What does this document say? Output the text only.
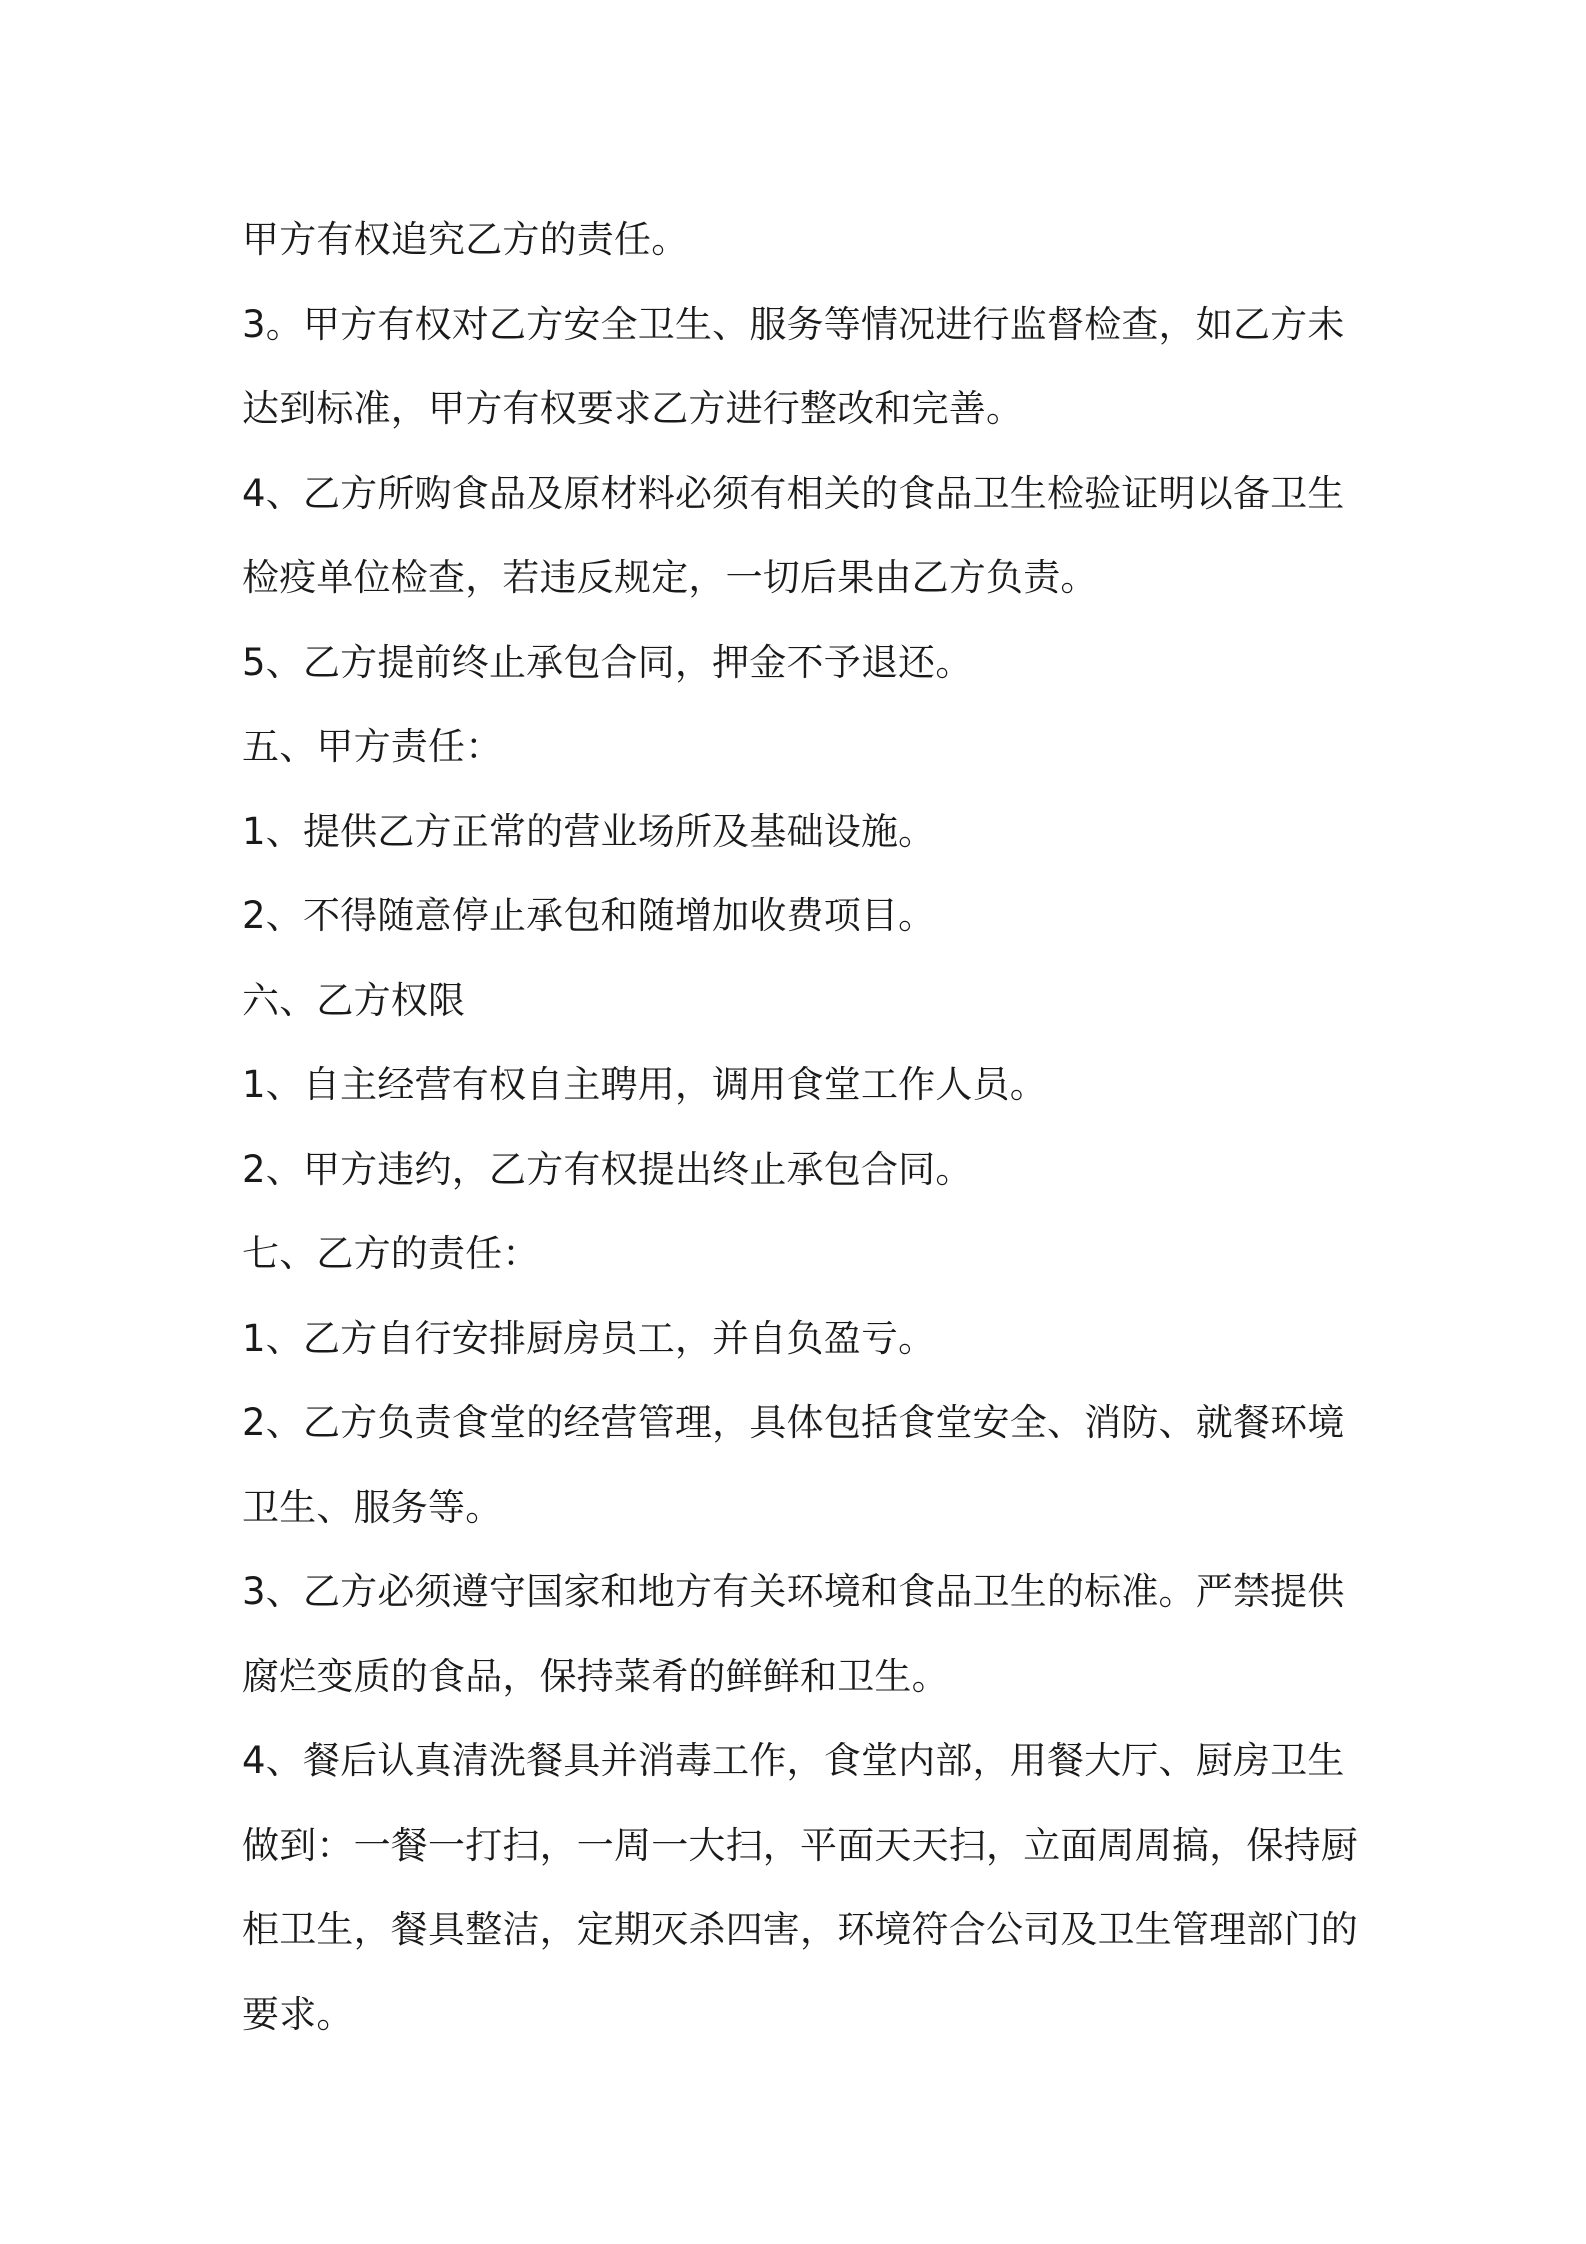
甲方有权追究乙方的责任。

3。甲方有权对乙方安全卫生、服务等情况进行监督检查，如乙方未达到标准，甲方有权要求乙方进行整改和完善。

4、乙方所购食品及原材料必须有相关的食品卫生检验证明以备卫生检疫单位检查，若违反规定，一切后果由乙方负责。

5、乙方提前终止承包合同，押金不予退还。

五、甲方责任：

1、提供乙方正常的营业场所及基础设施。

2、不得随意停止承包和随增加收费项目。

六、乙方权限

1、自主经营有权自主聘用，调用食堂工作人员。

2、甲方违约，乙方有权提出终止承包合同。

七、乙方的责任：

1、乙方自行安排厨房员工，并自负盈亏。

2、乙方负责食堂的经营管理，具体包括食堂安全、消防、就餐环境卫生、服务等。

3、乙方必须遵守国家和地方有关环境和食品卫生的标准。严禁提供腐烂变质的食品，保持菜肴的鲜鲜和卫生。

4、餐后认真清洗餐具并消毒工作，食堂内部，用餐大厅、厨房卫生做到：一餐一打扫，一周一大扫，平面天天扫，立面周周搞，保持厨柜卫生，餐具整洁，定期灭杀四害，环境符合公司及卫生管理部门的要求。
